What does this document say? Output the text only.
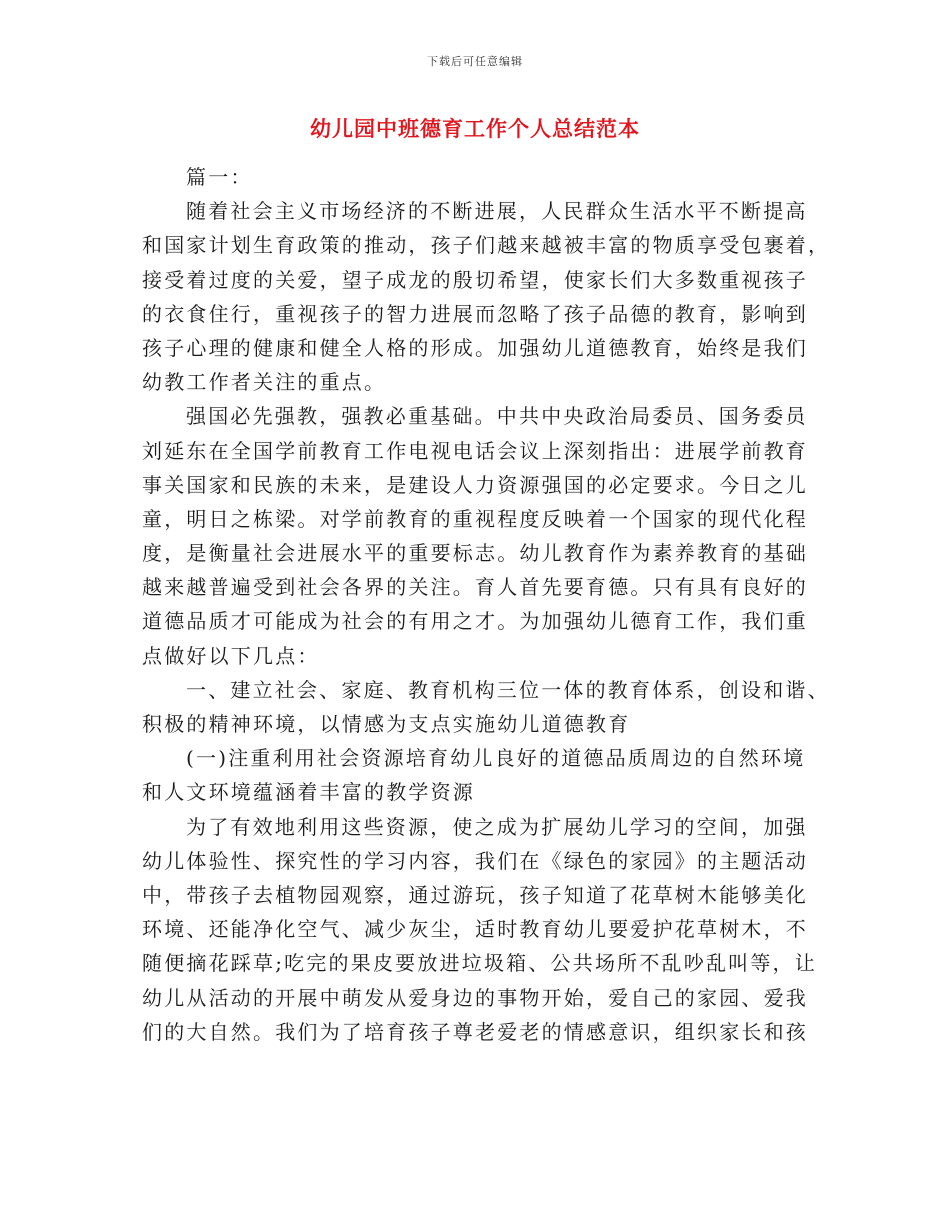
下载后可任意编辑
幼儿园中班德育工作个人总结范本
篇一：
随着社会主义市场经济的不断进展，人民群众生活水平不断提高
和国家计划生育政策的推动，孩子们越来越被丰富的物质享受包裹着，
接受着过度的关爱，望子成龙的殷切希望，使家长们大多数重视孩子
的衣食住行，重视孩子的智力进展而忽略了孩子品德的教育，影响到
孩子心理的健康和健全人格的形成。加强幼儿道德教育，始终是我们
幼教工作者关注的重点。
强国必先强教，强教必重基础。中共中央政治局委员、国务委员
刘延东在全国学前教育工作电视电话会议上深刻指出：进展学前教育
事关国家和民族的未来，是建设人力资源强国的必定要求。今日之儿
童，明日之栋梁。对学前教育的重视程度反映着一个国家的现代化程
度，是衡量社会进展水平的重要标志。幼儿教育作为素养教育的基础
越来越普遍受到社会各界的关注。育人首先要育德。只有具有良好的
道德品质才可能成为社会的有用之才。为加强幼儿德育工作，我们重
点做好以下几点：
一、建立社会、家庭、教育机构三位一体的教育体系，创设和谐、
积极的精神环境，以情感为支点实施幼儿道德教育
(一)注重利用社会资源培育幼儿良好的道德品质周边的自然环境
和人文环境蕴涵着丰富的教学资源
为了有效地利用这些资源，使之成为扩展幼儿学习的空间，加强
幼儿体验性、探究性的学习内容，我们在《绿色的家园》的主题活动
中，带孩子去植物园观察，通过游玩，孩子知道了花草树木能够美化
环境、还能净化空气、减少灰尘，适时教育幼儿要爱护花草树木，不
随便摘花踩草;吃完的果皮要放进垃圾箱、公共场所不乱吵乱叫等，让
幼儿从活动的开展中萌发从爱身边的事物开始，爱自己的家园、爱我
们的大自然。我们为了培育孩子尊老爱老的情感意识，组织家长和孩
